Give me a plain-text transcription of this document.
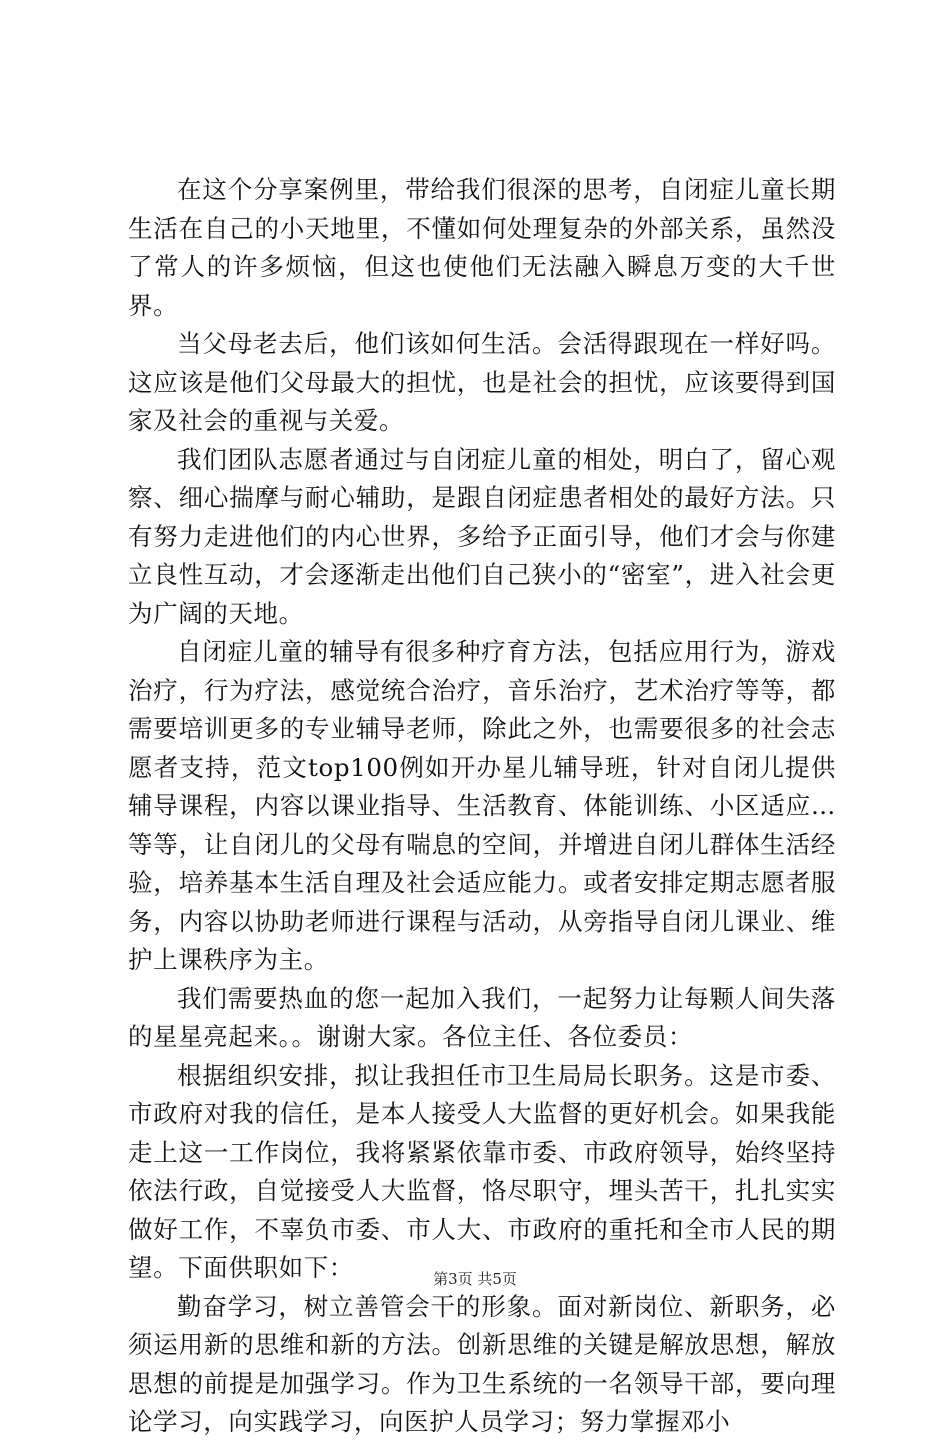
在这个分享案例里，带给我们很深的思考，自闭症儿童长期生活在自己的小天地里，不懂如何处理复杂的外部关系，虽然没了常人的许多烦恼，但这也使他们无法融入瞬息万变的大千世界。

当父母老去后，他们该如何生活。会活得跟现在一样好吗。这应该是他们父母最大的担忧，也是社会的担忧，应该要得到国家及社会的重视与关爱。

我们团队志愿者通过与自闭症儿童的相处，明白了，留心观察、细心揣摩与耐心辅助，是跟自闭症患者相处的最好方法。只有努力走进他们的内心世界，多给予正面引导，他们才会与你建立良性互动，才会逐渐走出他们自己狭小的“密室”，进入社会更为广阔的天地。

自闭症儿童的辅导有很多种疗育方法，包括应用行为，游戏治疗，行为疗法，感觉统合治疗，音乐治疗，艺术治疗等等，都需要培训更多的专业辅导老师，除此之外，也需要很多的社会志愿者支持，范文top100例如开办星儿辅导班，针对自闭儿提供辅导课程，内容以课业指导、生活教育、体能训练、小区适应…等等，让自闭儿的父母有喘息的空间，并增进自闭儿群体生活经验，培养基本生活自理及社会适应能力。或者安排定期志愿者服务，内容以协助老师进行课程与活动，从旁指导自闭儿课业、维护上课秩序为主。

我们需要热血的您一起加入我们，一起努力让每颗人间失落的星星亮起来。。谢谢大家。各位主任、各位委员：

根据组织安排，拟让我担任市卫生局局长职务。这是市委、市政府对我的信任，是本人接受人大监督的更好机会。如果我能走上这一工作岗位，我将紧紧依靠市委、市政府领导，始终坚持依法行政，自觉接受人大监督，恪尽职守，埋头苦干，扎扎实实做好工作，不辜负市委、市人大、市政府的重托和全市人民的期望。下面供职如下：

勤奋学习，树立善管会干的形象。面对新岗位、新职务，必须运用新的思维和新的方法。创新思维的关键是解放思想，解放思想的前提是加强学习。作为卫生系统的一名领导干部，要向理论学习，向实践学习，向医护人员学习；努力掌握邓小

第3页 共5页
